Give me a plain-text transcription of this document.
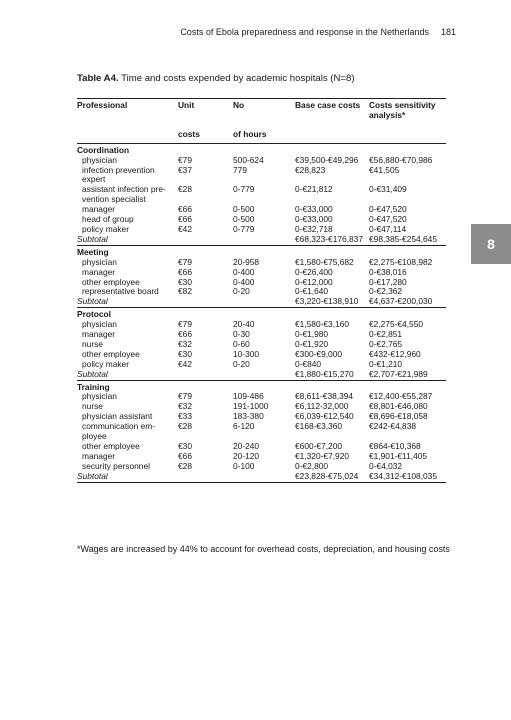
Costs of Ebola preparedness and response in the Netherlands 181
Table A4. Time and costs expended by academic hospitals (N=8)
8
Professional	Unit	No	Base case costs	Costs sensitivity analysis*
	costs	of hours		
Coordination				
physician	€79	500-624	€39,500-€49,296	€56,880-€70,986
infection prevention expert	€37	779	€28,823	€41,505
assistant infection pre-vention specialist	€28	0-779	0-€21,812	0-€31,409
manager	€66	0-500	0-€33,000	0-€47,520
head of group	€66	0-500	0-€33,000	0-€47,520
policy maker	€42	0-779	0-€32,718	0-€47,114
Subtotal			€68,323-€176,837	€98,385-€254,645
Meeting				
physician	€79	20-958	€1,580-€75,682	€2,275-€108,982
manager	€66	0-400	0-€26,400	0-€38,016
other employee	€30	0-400	0-€12,000	0-€17,280
representative board	€82	0-20	0-€1,640	0-€2,362
Subtotal			€3,220-€138,910	€4,637-€200,030
Protocol				
physician	€79	20-40	€1,580-€3,160	€2,275-€4,550
manager	€66	0-30	0-€1,980	0-€2,851
nurse	€32	0-60	0-€1,920	0-€2,765
other employee	€30	10-300	€300-€9,000	€432-€12,960
policy maker	€42	0-20	0-€840	0-€1,210
Subtotal			€1,880-€15,270	€2,707-€21,989
Training				
physician	€79	109-486	€8,611-€38,394	€12,400-€55,287
nurse	€32	191-1000	€6,112-32,000	€8,801-€46,080
physician assistant	€33	183-380	€6,039-€12,540	€8,696-€18,058
communication em-ployee	€28	6-120	€168-€3,360	€242-€4,838
other employee	€30	20-240	€600-€7,200	€864-€10,368
manager	€66	20-120	€1,320-€7,920	€1,901-€11,405
security personnel	€28	0-100	0-€2,800	0-€4,032
Subtotal			€23,828-€75,024	€34,312-€108,035
*Wages are increased by 44% to account for overhead costs, depreciation, and housing costs
